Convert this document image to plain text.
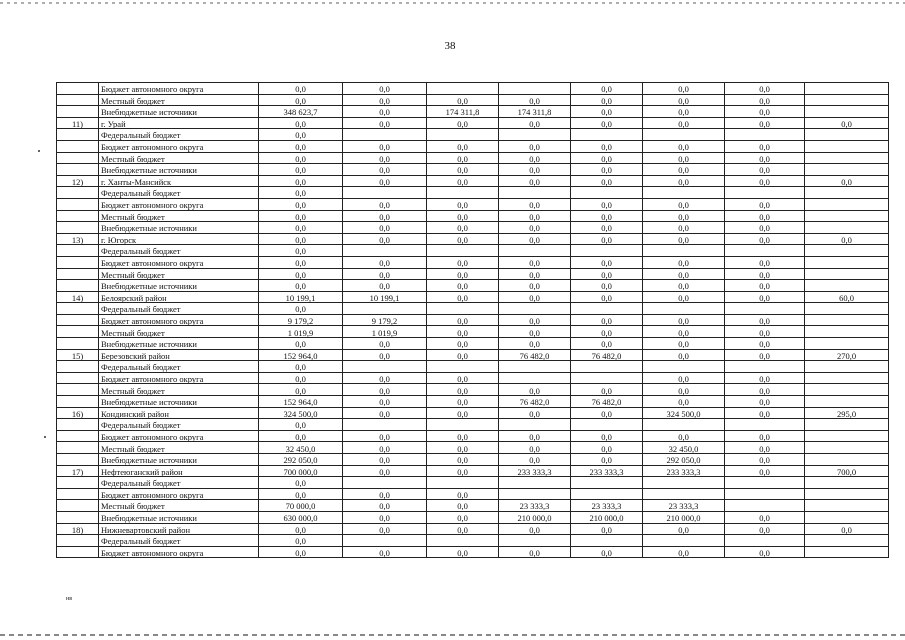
38
	Бюджет автономного округа	0,0	0,0			0,0	0,0	0,0	
	Местный бюджет	0,0	0,0	0,0	0,0	0,0	0,0	0,0	
	Внебюджетные источники	348 623,7	0,0	174 311,8	174 311,8	0,0	0,0	0,0	
11)	г. Урай	0,0	0,0	0,0	0,0	0,0	0,0	0,0	0,0
	Федеральный бюджет	0,0							
	Бюджет автономного округа	0,0	0,0	0,0	0,0	0,0	0,0	0,0	
	Местный бюджет	0,0	0,0	0,0	0,0	0,0	0,0	0,0	
	Внебюджетные источники	0,0	0,0	0,0	0,0	0,0	0,0	0,0	
12)	г. Ханты-Мансийск	0,0	0,0	0,0	0,0	0,0	0,0	0,0	0,0
	Федеральный бюджет	0,0							
	Бюджет автономного округа	0,0	0,0	0,0	0,0	0,0	0,0	0,0	
	Местный бюджет	0,0	0,0	0,0	0,0	0,0	0,0	0,0	
	Внебюджетные источники	0,0	0,0	0,0	0,0	0,0	0,0	0,0	
13)	г. Югорск	0,0	0,0	0,0	0,0	0,0	0,0	0,0	0,0
	Федеральный бюджет	0,0							
	Бюджет автономного округа	0,0	0,0	0,0	0,0	0,0	0,0	0,0	
	Местный бюджет	0,0	0,0	0,0	0,0	0,0	0,0	0,0	
	Внебюджетные источники	0,0	0,0	0,0	0,0	0,0	0,0	0,0	
14)	Белоярский район	10 199,1	10 199,1	0,0	0,0	0,0	0,0	0,0	60,0
	Федеральный бюджет	0,0							
	Бюджет автономного округа	9 179,2	9 179,2	0,0	0,0	0,0	0,0	0,0	
	Местный бюджет	1 019,9	1 019,9	0,0	0,0	0,0	0,0	0,0	
	Внебюджетные источники	0,0	0,0	0,0	0,0	0,0	0,0	0,0	
15)	Березовский район	152 964,0	0,0	0,0	76 482,0	76 482,0	0,0	0,0	270,0
	Федеральный бюджет	0,0							
	Бюджет автономного округа	0,0	0,0	0,0			0,0	0,0	
	Местный бюджет	0,0	0,0	0,0	0,0	0,0	0,0	0,0	
	Внебюджетные источники	152 964,0	0,0	0,0	76 482,0	76 482,0	0,0	0,0	
16)	Кондинский район	324 500,0	0,0	0,0	0,0	0,0	324 500,0	0,0	295,0
	Федеральный бюджет	0,0							
	Бюджет автономного округа	0,0	0,0	0,0	0,0	0,0	0,0	0,0	
	Местный бюджет	32 450,0	0,0	0,0	0,0	0,0	32 450,0	0,0	
	Внебюджетные источники	292 050,0	0,0	0,0	0,0	0,0	292 050,0	0,0	
17)	Нефтеюганский район	700 000,0	0,0	0,0	233 333,3	233 333,3	233 333,3	0,0	700,0
	Федеральный бюджет	0,0							
	Бюджет автономного округа	0,0	0,0	0,0					
	Местный бюджет	70 000,0	0,0	0,0	23 333,3	23 333,3	23 333,3		
	Внебюджетные источники	630 000,0	0,0	0,0	210 000,0	210 000,0	210 000,0	0,0	
18)	Нижневартовский район	0,0	0,0	0,0	0,0	0,0	0,0	0,0	0,0
	Федеральный бюджет	0,0							
	Бюджет автономного округа	0,0	0,0	0,0	0,0	0,0	0,0	0,0	
нв
